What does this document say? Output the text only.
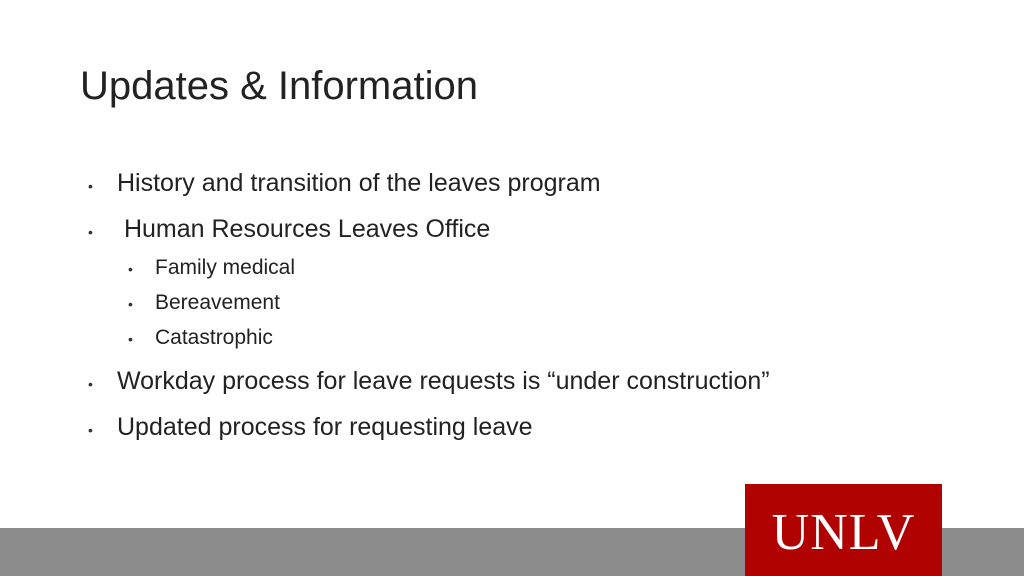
Updates & Information
• History and transition of the leaves program
• Human Resources Leaves Office
•	Family medical
•	Bereavement
•	Catastrophic
• Workday process for leave requests is “under construction”
• Updated process for requesting leave
UNLV
